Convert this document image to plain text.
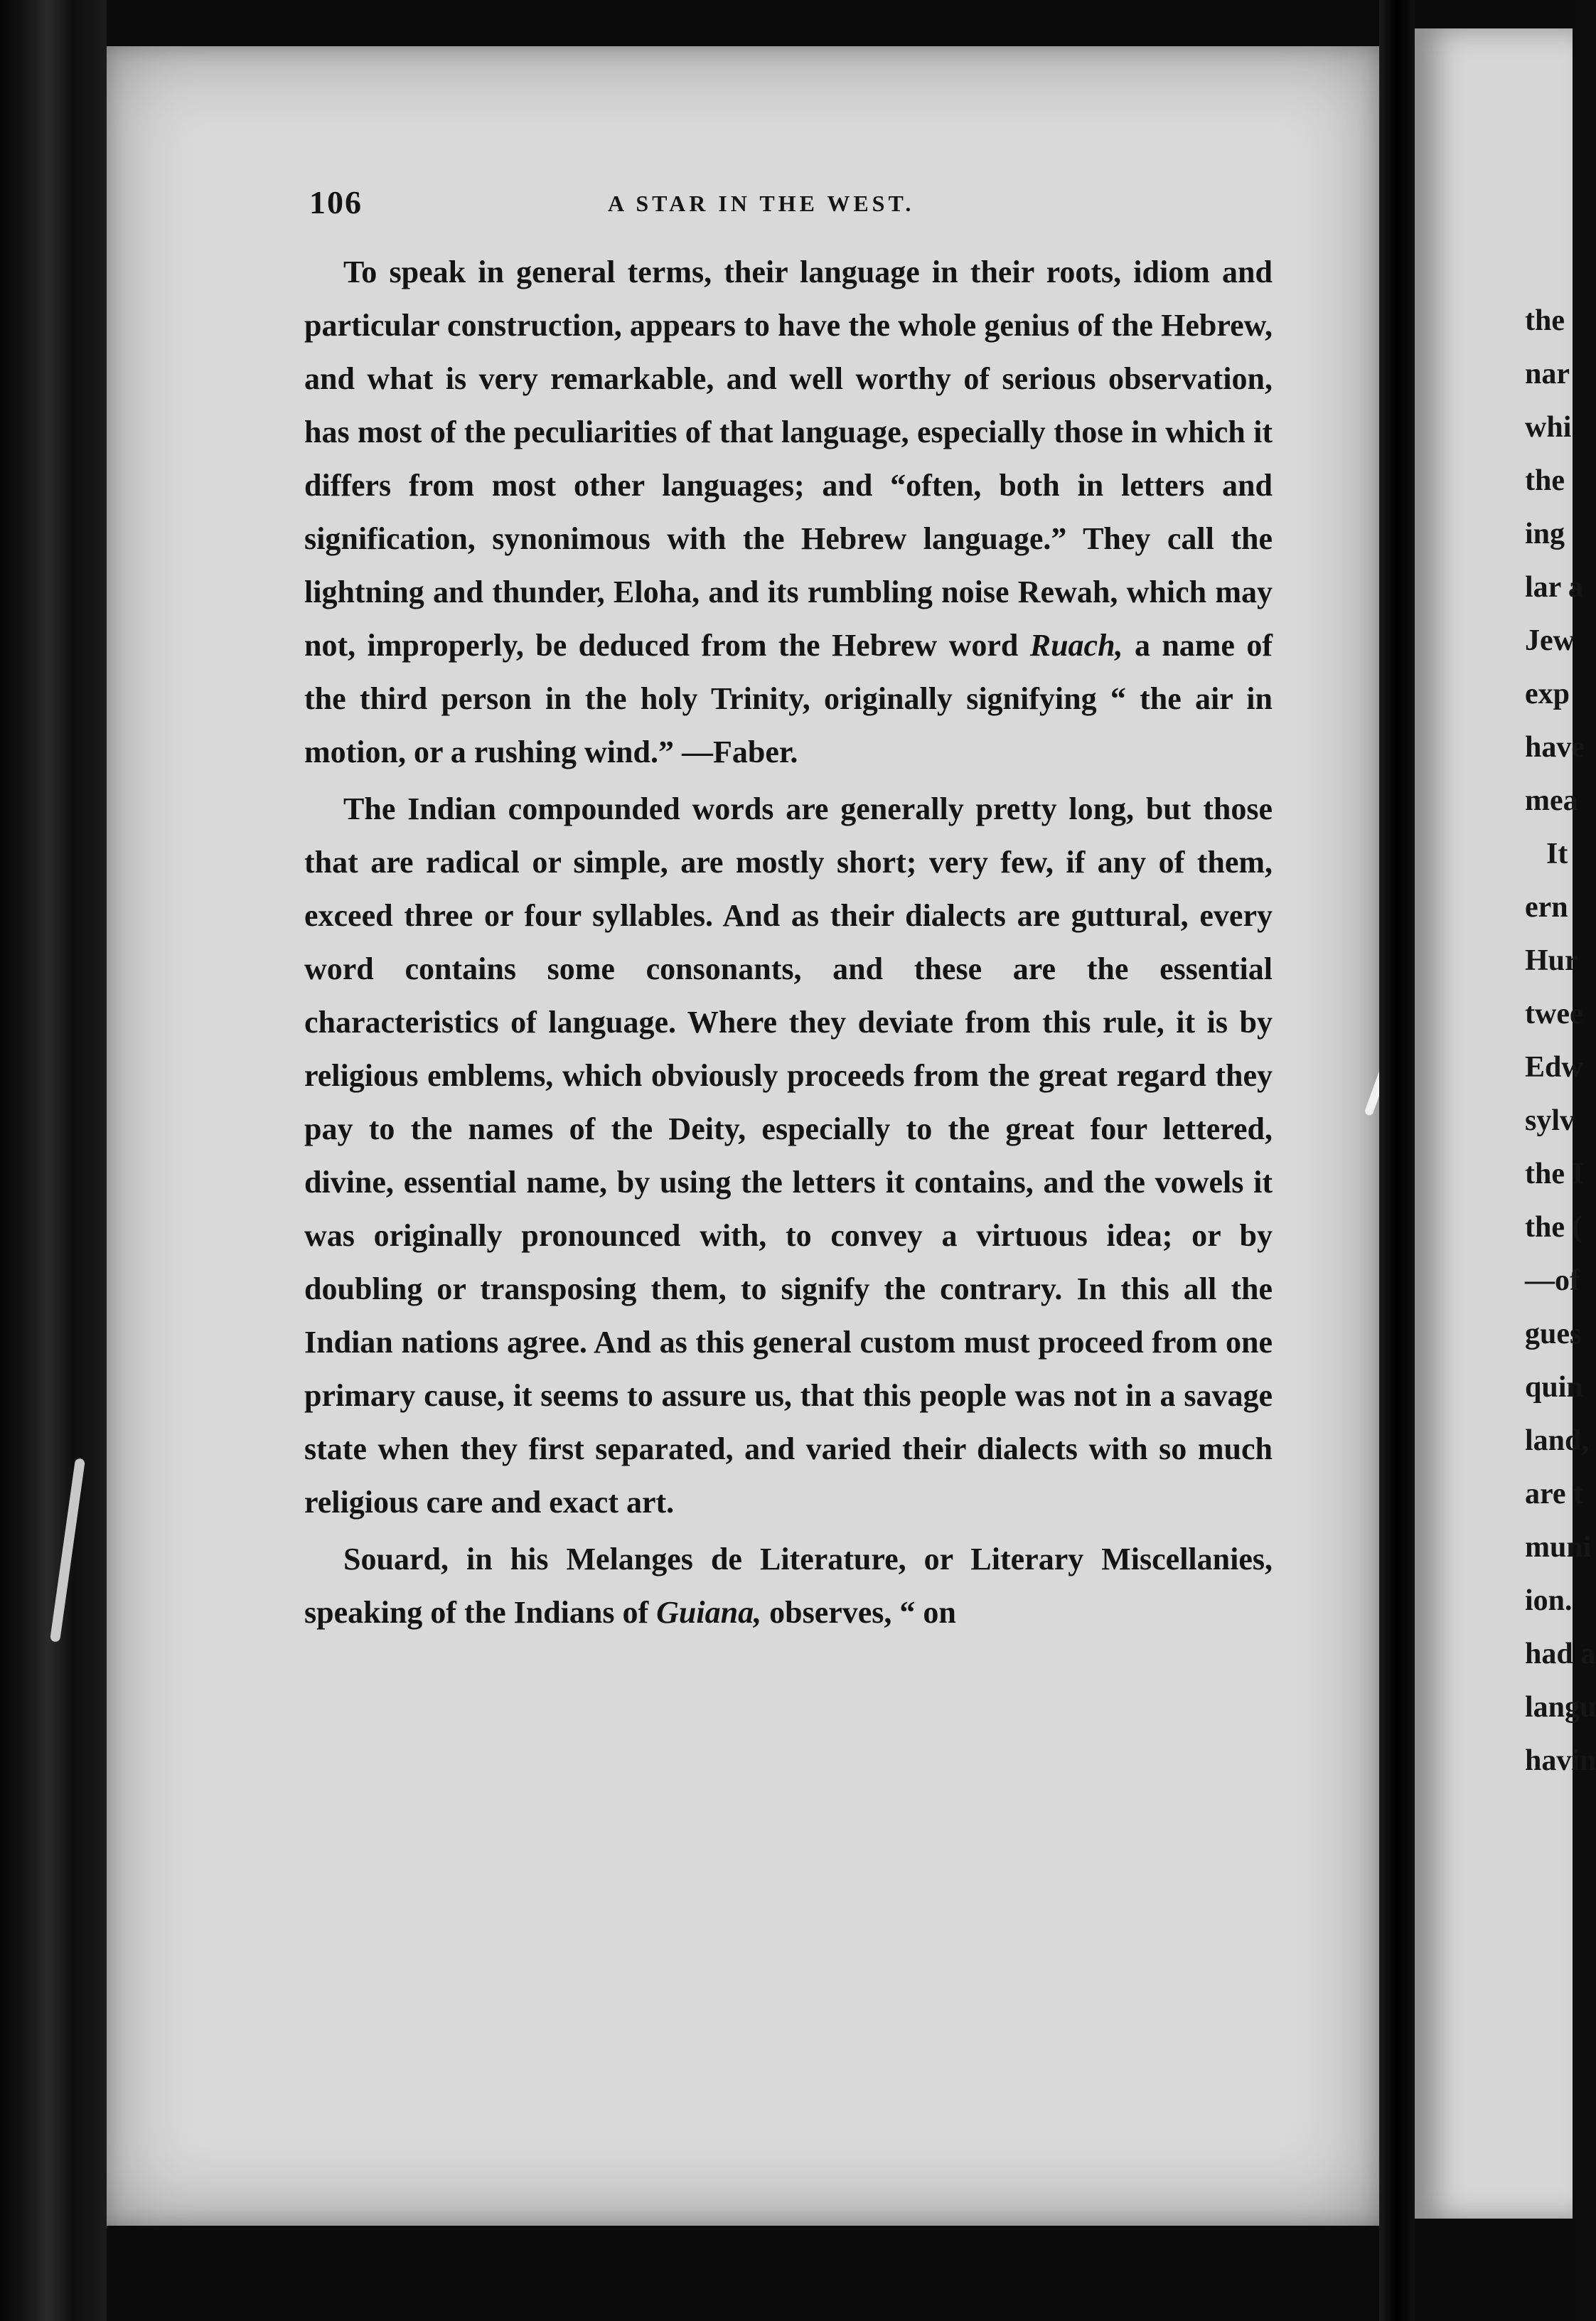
106	A STAR IN THE WEST.

To speak in general terms, their language in their roots, idiom and particular construction, appears to have the whole genius of the Hebrew, and what is very remarkable, and well worthy of serious observation, has most of the peculiarities of that language, especially those in which it differs from most other languages; and “often, both in letters and signification, synonimous with the Hebrew language.” They call the lightning and thunder, Eloha, and its rumbling noise Rewah, which may not, improperly, be deduced from the Hebrew word Ruach, a name of the third person in the holy Trinity, originally signifying “ the air in motion, or a rushing wind.” —Faber.

The Indian compounded words are generally pretty long, but those that are radical or simple, are mostly short; very few, if any of them, exceed three or four syllables. And as their dialects are guttural, every word contains some consonants, and these are the essential characteristics of language. Where they deviate from this rule, it is by religious emblems, which obviously proceeds from the great regard they pay to the names of the Deity, especially to the great four lettered, divine, essential name, by using the letters it contains, and the vowels it was originally pronounced with, to convey a virtuous idea; or by doubling or transposing them, to signify the contrary. In this all the Indian nations agree. And as this general custom must proceed from one primary cause, it seems to assure us, that this people was not in a savage state when they first separated, and varied their dialects with so much religious care and exact art.

Souard, in his Melanges de Literature, or Literary Miscellanies, speaking of the Indians of Guiana, observes, “ on

the
nar
whi
the
ing
lar a
Jew
exp
have
mea
It
ern
Hur
twee
Edw
sylv
the I
the (
—of
gues
quin
land,
are t
muni
ion.
had a
langu
havin
